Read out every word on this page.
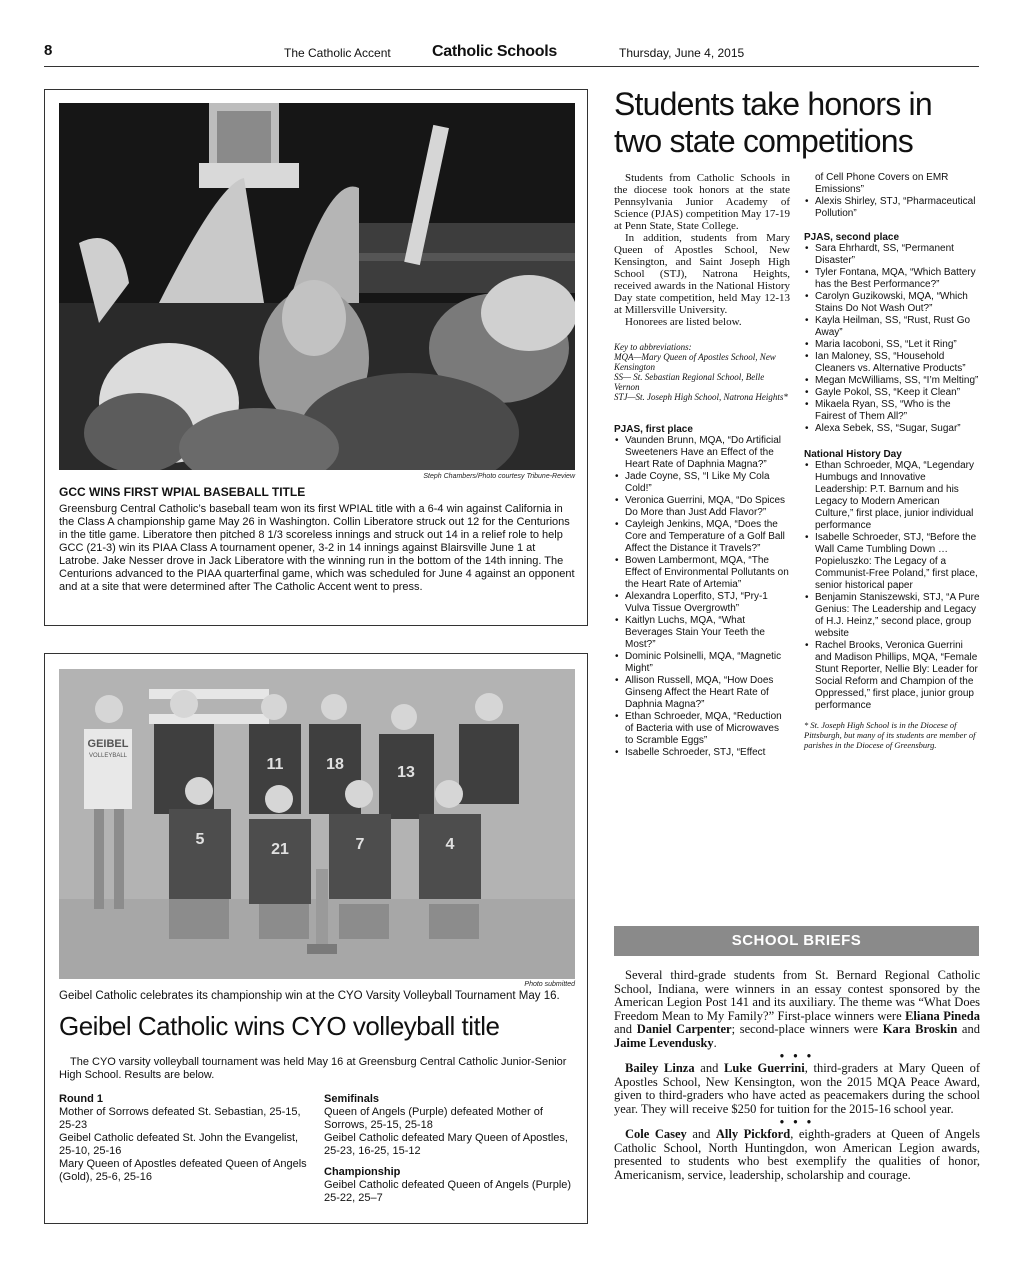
8	The Catholic Accent	Catholic Schools	Thursday, June 4, 2015
Steph Chambers/Photo courtesy Tribune-Review
GCC WINS FIRST WPIAL BASEBALL TITLE
Greensburg Central Catholic’s baseball team won its first WPIAL title with a 6-4 win against California in the Class A championship game May 26 in Washington. Collin Liberatore struck out 12 for the Centurions in the title game. Liberatore then pitched 8 1/3 scoreless innings and struck out 14 in a relief role to help GCC (21-3) win its PIAA Class A tournament opener, 3-2 in 14 innings against Blairsville June 1 at Latrobe. Jake Nesser drove in Jack Liberatore with the winning run in the bottom of the 14th inning. The Centurions advanced to the PIAA quarterfinal game, which was scheduled for June 4 against an opponent and at a site that were determined after The Catholic Accent went to press.
GEIBEL
VOLLEYBALL	11	18	13
5
21	7	4
Photo submitted
Geibel Catholic celebrates its championship win at the CYO Varsity Volleyball Tournament May 16.
Geibel Catholic wins CYO volleyball title
The CYO varsity volleyball tournament was held May 16 at Greensburg Central Catholic Junior-Senior High School. Results are below.
Round 1
Mother of Sorrows defeated St. Sebastian, 25-15, 25-23
Geibel Catholic defeated St. John the Evangelist, 25-10, 25-16
Mary Queen of Apostles defeated Queen of Angels (Gold), 25-6, 25-16
Semifinals
Queen of Angels (Purple) defeated Mother of Sorrows, 25-15, 25-18
Geibel Catholic defeated Mary Queen of Apostles, 25-23, 16-25, 15-12
Championship
Geibel Catholic defeated Queen of Angels (Purple) 25-22, 25–7
Students take honors in two state competitions

Students from Catholic Schools in the diocese took honors at the state Pennsylvania Junior Academy of Science (PJAS) competition May 17-19 at Penn State, State College.

In addition, students from Mary Queen of Apostles School, New Kensington, and Saint Joseph High School (STJ), Natrona Heights, received awards in the National History Day state competition, held May 12-13 at Millersville University.

Honorees are listed below.

Key to abbreviations:
MQA—Mary Queen of Apostles School, New Kensington
SS— St. Sebastian Regional School, Belle Vernon
STJ—St. Joseph High School, Natrona Heights*
PJAS, first place
• Vaunden Brunn, MQA, “Do Artificial Sweeteners Have an Effect of the Heart Rate of Daphnia Magna?”
• Jade Coyne, SS, “I Like My Cola Cold!”
• Veronica Guerrini, MQA, “Do Spices Do More than Just Add Flavor?”
• Cayleigh Jenkins, MQA, “Does the Core and Temperature of a Golf Ball Affect the Distance it Travels?”
• Bowen Lambermont, MQA, “The Effect of Environmental Pollutants on the Heart Rate of Artemia”
• Alexandra Loperfito, STJ, “Pry-1 Vulva Tissue Overgrowth”
• Kaitlyn Luchs, MQA, “What Beverages Stain Your Teeth the Most?”
• Dominic Polsinelli, MQA, “Magnetic Might”
• Allison Russell, MQA, “How Does Ginseng Affect the Heart Rate of Daphnia Magna?”
• Ethan Schroeder, MQA, “Reduction of Bacteria with use of Microwaves to Scramble Eggs”
• Isabelle Schroeder, STJ, “Effect
of Cell Phone Covers on EMR Emissions”
• Alexis Shirley, STJ, “Pharmaceutical Pollution”
PJAS, second place
• Sara Ehrhardt, SS, “Permanent Disaster”
• Tyler Fontana, MQA, “Which Battery has the Best Performance?”
• Carolyn Guzikowski, MQA, “Which Stains Do Not Wash Out?”
• Kayla Heilman, SS, “Rust, Rust Go Away”
• Maria Iacoboni, SS, “Let it Ring”
• Ian Maloney, SS, “Household Cleaners vs. Alternative Products”
• Megan McWilliams, SS, “I’m Melting”
• Gayle Pokol, SS, “Keep it Clean”
• Mikaela Ryan, SS, “Who is the Fairest of Them All?”
• Alexa Sebek, SS, “Sugar, Sugar”
National History Day
• Ethan Schroeder, MQA, “Legendary Humbugs and Innovative Leadership: P.T. Barnum and his Legacy to Modern American Culture,” first place, junior individual performance
• Isabelle Schroeder, STJ, “Before the Wall Came Tumbling Down … Popieluszko: The Legacy of a Communist-Free Poland,” first place, senior historical paper
• Benjamin Staniszewski, STJ, “A Pure Genius: The Leadership and Legacy of H.J. Heinz,” second place, group website
• Rachel Brooks, Veronica Guerrini and Madison Phillips, MQA, “Female Stunt Reporter, Nellie Bly: Leader for Social Reform and Champion of the Oppressed,” first place, junior group performance
* St. Joseph High School is in the Diocese of Pittsburgh, but many of its students are member of parishes in the Diocese of Greensburg.
SCHOOL BRIEFS

Several third-grade students from St. Bernard Regional Catholic School, Indiana, were winners in an essay contest sponsored by the American Legion Post 141 and its auxiliary. The theme was “What Does Freedom Mean to My Family?” First-place winners were Eliana Pineda and Daniel Carpenter; second-place winners were Kara Broskin and Jaime Levendusky.

• • •

Bailey Linza and Luke Guerrini, third-graders at Mary Queen of Apostles School, New Kensington, won the 2015 MQA Peace Award, given to third-graders who have acted as peacemakers during the school year. They will receive $250 for tuition for the 2015-16 school year.

• • •

Cole Casey and Ally Pickford, eighth-graders at Queen of Angels Catholic School, North Huntingdon, won American Legion awards, presented to students who best exemplify the qualities of honor, Americanism, service, leadership, scholarship and courage.
